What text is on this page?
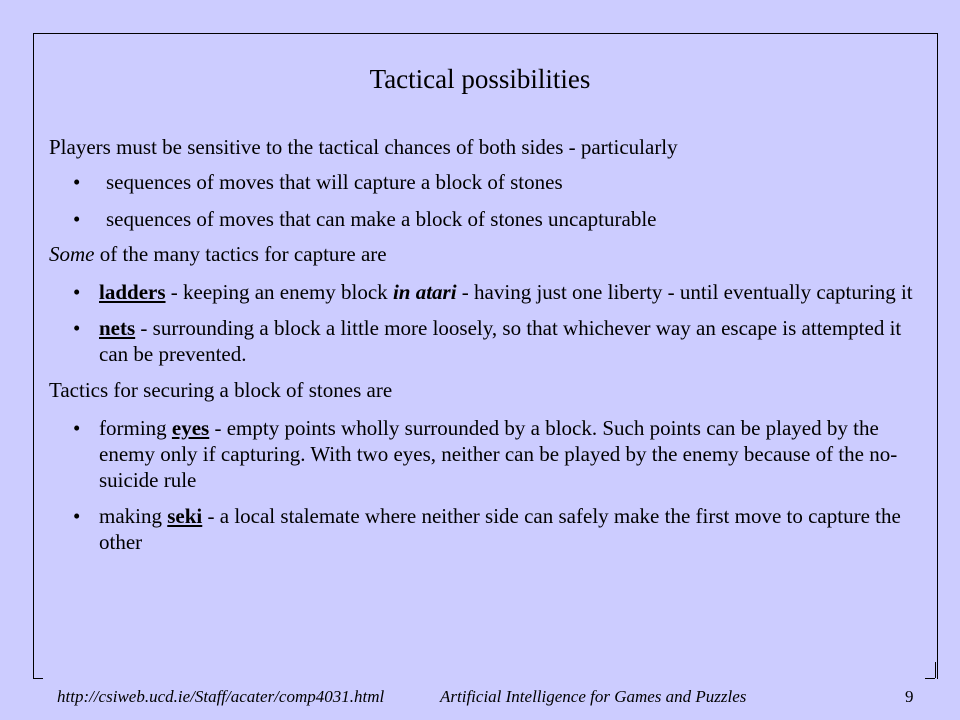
Tactical possibilities

Players must be sensitive to the tactical chances of both sides - particularly

• sequences of moves that will capture a block of stones
• sequences of moves that can make a block of stones uncapturable

Some of the many tactics for capture are

• ladders - keeping an enemy block in atari - having just one liberty - until eventually capturing it
• nets - surrounding a block a little more loosely, so that whichever way an escape is attempted it can be prevented.

Tactics for securing a block of stones are

• forming eyes - empty points wholly surrounded by a block. Such points can be played by the enemy only if capturing. With two eyes, neither can be played by the enemy because of the no-suicide rule
• making seki - a local stalemate where neither side can safely make the first move to capture the other
http://csiweb.ucd.ie/Staff/acater/comp4031.html	Artificial Intelligence for Games and Puzzles	9
